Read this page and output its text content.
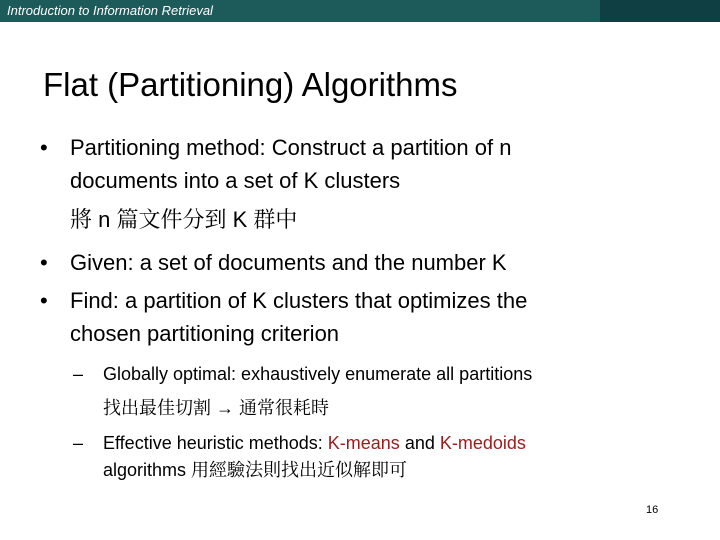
Introduction to Information Retrieval
Flat (Partitioning) Algorithms
• Partitioning method: Construct a partition of n
documents into a set of K clusters
將 n 篇文件分到 K 群中
• Given: a set of documents and the number K
• Find: a partition of K clusters that optimizes the
chosen partitioning criterion
– Globally optimal: exhaustively enumerate all partitions
找出最佳切割 → 通常很耗時
– Effective heuristic methods: K-means and K-medoids
algorithms 用經驗法則找出近似解即可
16
